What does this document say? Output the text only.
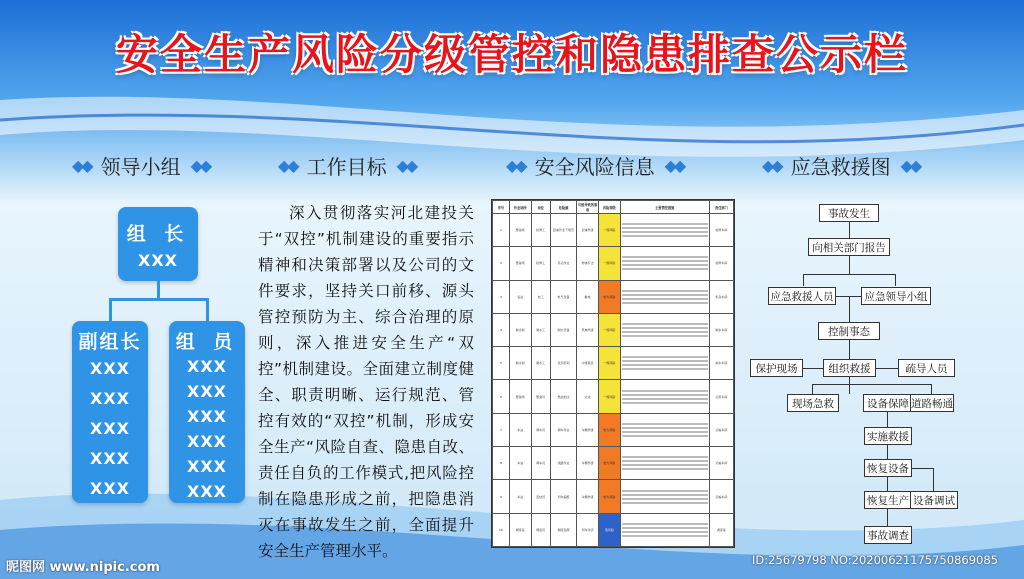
安全生产风险分级管控和隐患排查公示栏
◆◆ 领导小组 ◆◆	◆◆ 工作目标 ◆◆	◆◆ 安全风险信息 ◆◆	◆◆ 应急救援图 ◆◆
组 长
XXX
副组长
XXX
XXX
XXX
XXX
XXX
组 员
XXX
XXX
XXX
XXX
XXX
XXX
深入贯彻落实河北建投关于“双控”机制建设的重要指示精神和决策部署以及公司的文件要求，坚持关口前移、源头管控预防为主、综合治理的原则，深入推进安全生产“双控”机制建设。全面建立制度健全、职责明晰、运行规范、管控有效的“双控”机制，形成安全生产“风险自查、隐患自改、责任自负的工作模式,把风险控制在隐患形成之前，把隐患消灭在事故发生之前，全面提升安全生产管理水平。
序号	作业场所	岗位	危险源	可能导致的事故	风险等级	主要管控措施	责任部门
1	整备场	检修工	起重作业不规范	起重伤害	一般风险		检修车间
2	整备场	检修工	吊运作业	物体打击	一般风险		检修车间
3	各站	电工	电气设备	触电	较大风险		机务车间
4	制水间	制水工	制水设备	机械伤害	一般风险		制水车间
5	制水间	制水工	化学药剂	中毒窒息	一般风险		制水车间
6	整备场	整备员	燃油加注	火灾	一般风险		运用车间
7	车站	调车员	调车作业	车辆伤害	较大风险		运输车间
8	车站	调车员	线路作业	车辆伤害	较大风险		运输车间
9	车站	连结员	列车编组	车辆伤害	较大风险		运输车间
10	调度室	调度员	调度指挥	列车冲突	低风险		调度室
事故发生
向相关部门报告
应急救援人员	应急领导小组
控制事态
保护现场	组织救援	疏导人员
现场急救	设备保障 道路畅通
实施救援
恢复设备
恢复生产 设备调试
事故调查
昵图网 www.nipic.com	ID:25679798 NO:20200621175750869085
